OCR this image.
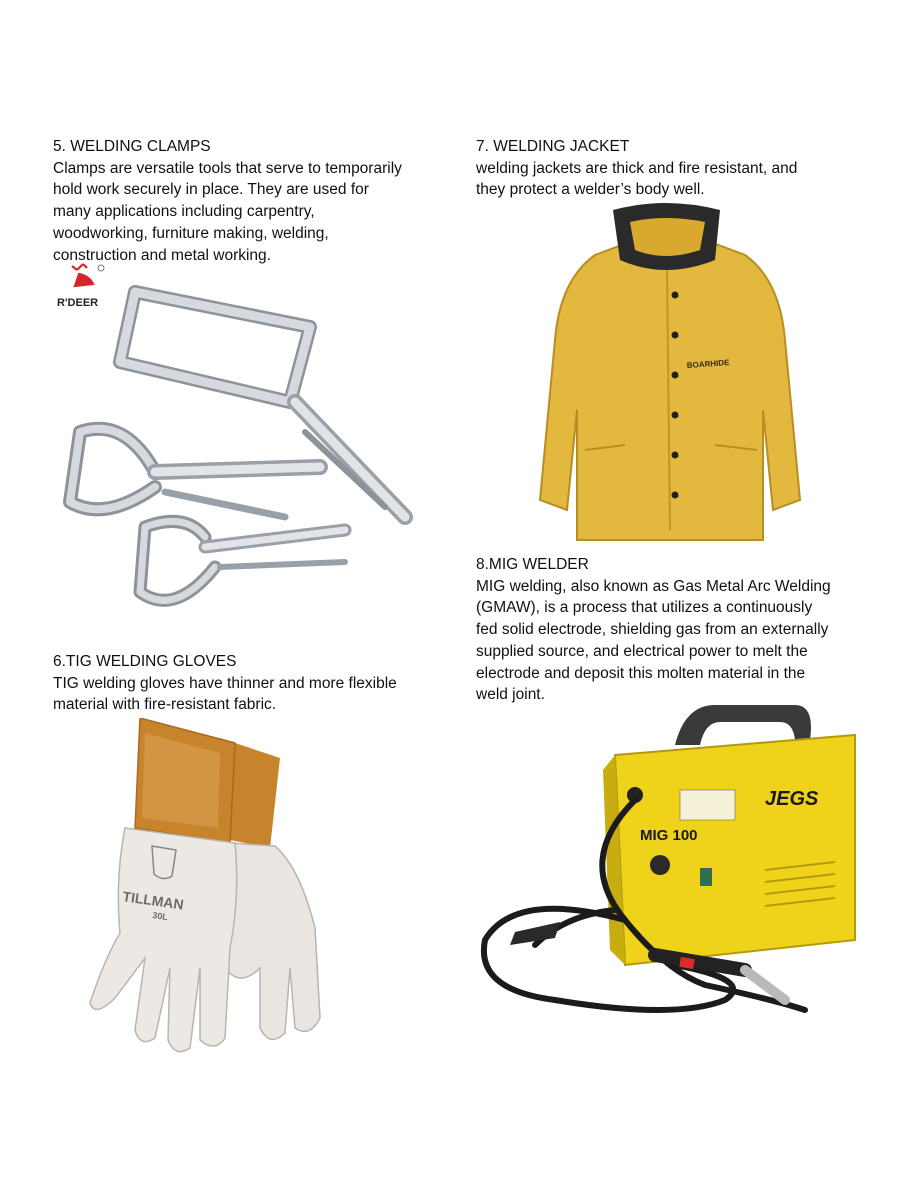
5. WELDING CLAMPS

Clamps are versatile tools that serve to temporarily
hold work securely in place. They are used for
many applications including carpentry,
woodworking, furniture making, welding,
construction and metal working.

R'DEER

6.TIG WELDING GLOVES

TIG welding gloves have thinner and more flexible
material with fire-resistant fabric.

TILLMAN
30L

7. WELDING JACKET

welding jackets are thick and fire resistant, and
they protect a welder’s body well.

BOARHIDE

8.MIG WELDER

MIG welding, also known as Gas Metal Arc Welding
(GMAW), is a process that utilizes a continuously
fed solid electrode, shielding gas from an externally
supplied source, and electrical power to melt the
electrode and deposit this molten material in the
weld joint.

JEGS
MIG 100
